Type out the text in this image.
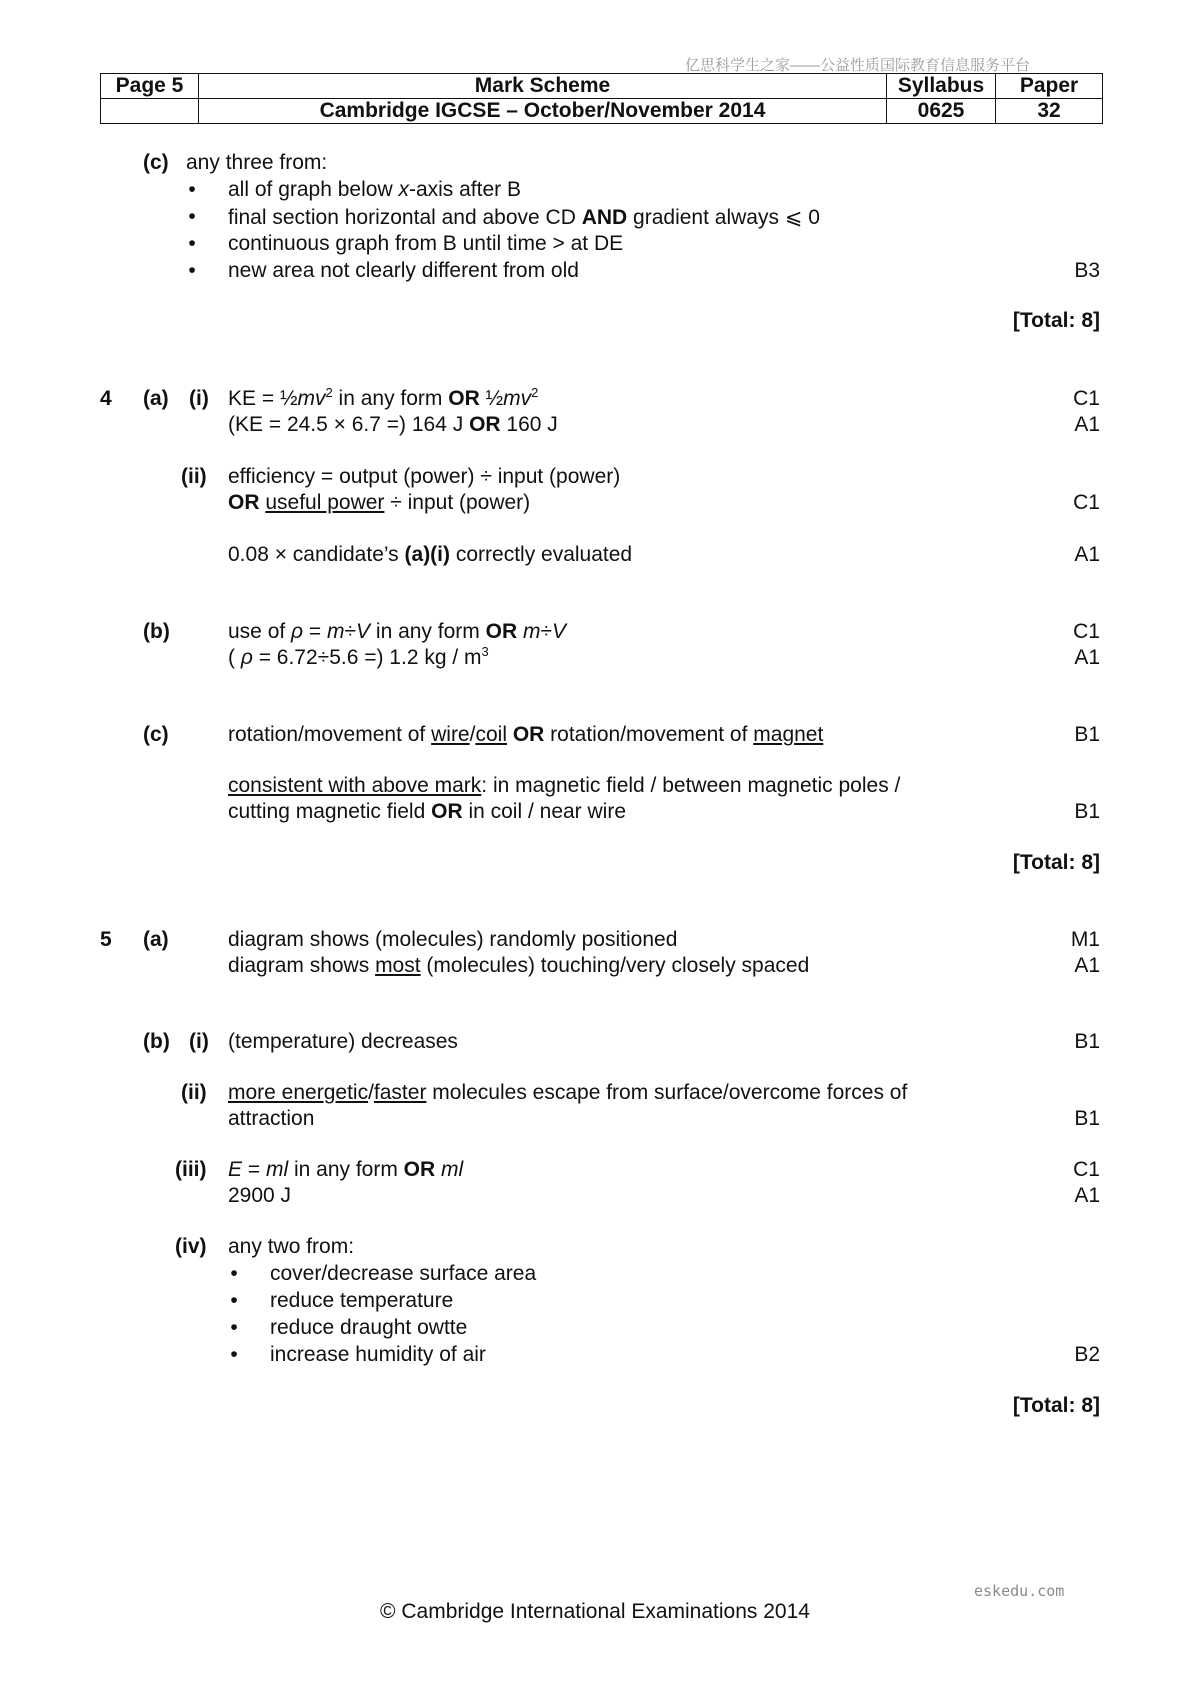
亿思科学生之家——公益性质国际教育信息服务平台
Page 5	Mark Scheme	Syllabus	Paper
	Cambridge IGCSE – October/November 2014	0625	32
(c) any three from:
• all of graph below x-axis after B
• final section horizontal and above CD AND gradient always ⩽ 0
• continuous graph from B until time > at DE
• new area not clearly different from old	B3
[Total: 8]
4 (a) (i) KE = $\frac{1}{2}mv^2$ in any form OR $\frac{1}{2}mv^2$	C1
(KE = 24.5 × 6.7 =) 164 J OR 160 J	A1
(ii) efficiency = output (power) ÷ input (power)
OR useful power ÷ input (power)	C1
0.08 × candidate’s (a)(i) correctly evaluated	A1
(b)	use of ρ = m÷V in any form OR m÷V	C1
( ρ = 6.72÷5.6 =) 1.2 kg / $m^3$	A1
(c)	rotation/movement of wire/coil OR rotation/movement of magnet	B1
consistent with above mark: in magnetic field / between magnetic poles /
cutting magnetic field OR in coil / near wire	B1
[Total: 8]
5 (a)	diagram shows (molecules) randomly positioned	M1
diagram shows most (molecules) touching/very closely spaced	A1
(b) (i) (temperature) decreases	B1
(ii) more energetic/faster molecules escape from surface/overcome forces of
attraction	B1
(iii) E = ml in any form OR ml	C1
2900 J	A1
(iv) any two from:
• cover/decrease surface area
• reduce temperature
• reduce draught owtte
• increase humidity of air	B2
[Total: 8]
eskedu.com
© Cambridge International Examinations 2014
